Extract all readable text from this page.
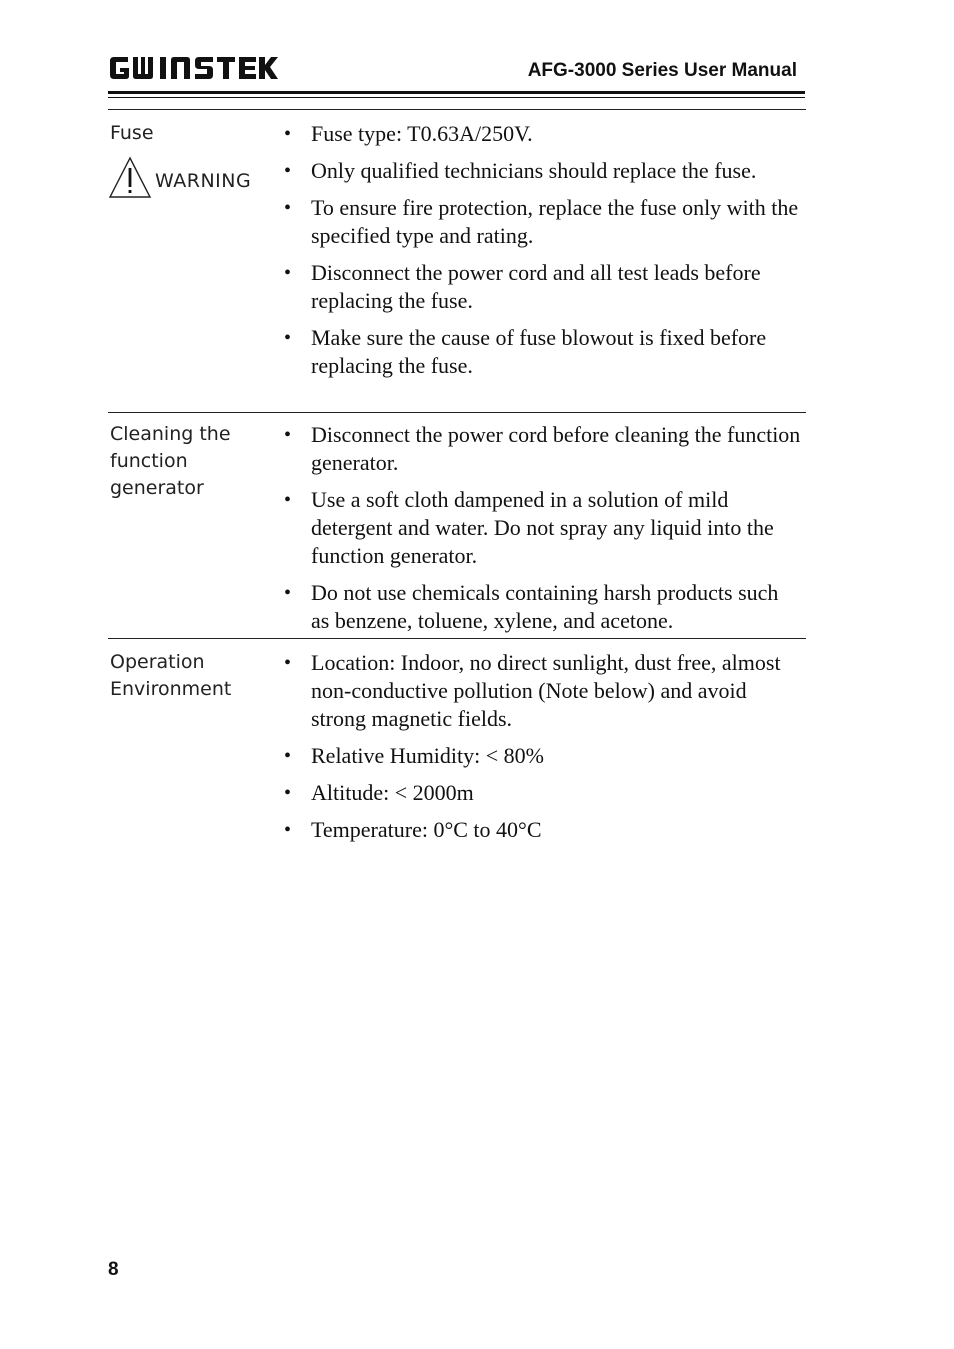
AFG-3000 Series User Manual
Fuse
WARNING
• Fuse type: T0.63A/250V.
• Only qualified technicians should replace the fuse.
• To ensure fire protection, replace the fuse only with the specified type and rating.
• Disconnect the power cord and all test leads before replacing the fuse.
• Make sure the cause of fuse blowout is fixed before replacing the fuse.
Cleaning the function generator
• Disconnect the power cord before cleaning the function generator.
• Use a soft cloth dampened in a solution of mild detergent and water. Do not spray any liquid into the function generator.
• Do not use chemicals containing harsh products such as benzene, toluene, xylene, and acetone.
Operation Environment
• Location: Indoor, no direct sunlight, dust free, almost non-conductive pollution (Note below) and avoid strong magnetic fields.
• Relative Humidity: < 80%
• Altitude: < 2000m
• Temperature: 0°C to 40°C
8
